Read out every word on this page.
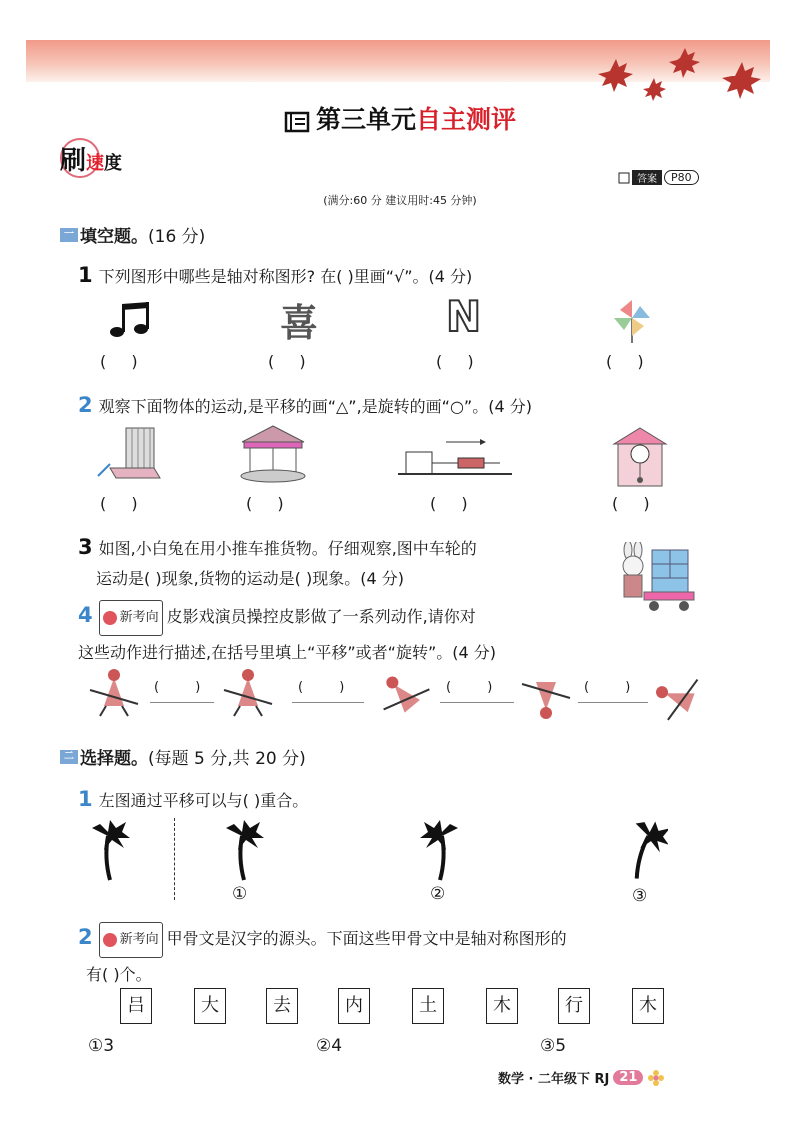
第三单元自主测评
刷速度
答案	P80
(满分:60 分 建议用时:45 分钟)
一 填空题。 (16 分)
1 下列图形中哪些是轴对称图形? 在( )里画“√”。(4 分)
喜	N
( )	( )	( )	( )
2 观察下面物体的运动,是平移的画“△”,是旋转的画“○”。(4 分)
( )	( )	( )	( )
3 如图,小白兔在用小推车推货物。仔细观察,图中车轮的
运动是( )现象,货物的运动是( )现象。(4 分)
4 新考向 皮影戏演员操控皮影做了一系列动作,请你对
这些动作进行描述,在括号里填上“平移”或者“旋转”。(4 分)
( )	( )	( )	( )
二 选择题。 (每题 5 分,共 20 分)
1 左图通过平移可以与( )重合。
①	②	③
2 新考向 甲骨文是汉字的源头。下面这些甲骨文中是轴对称图形的
有( )个。
吕	大	去	内	土	木	行	木
①3	②4	③5
数学 · 二年级下 RJ 21
